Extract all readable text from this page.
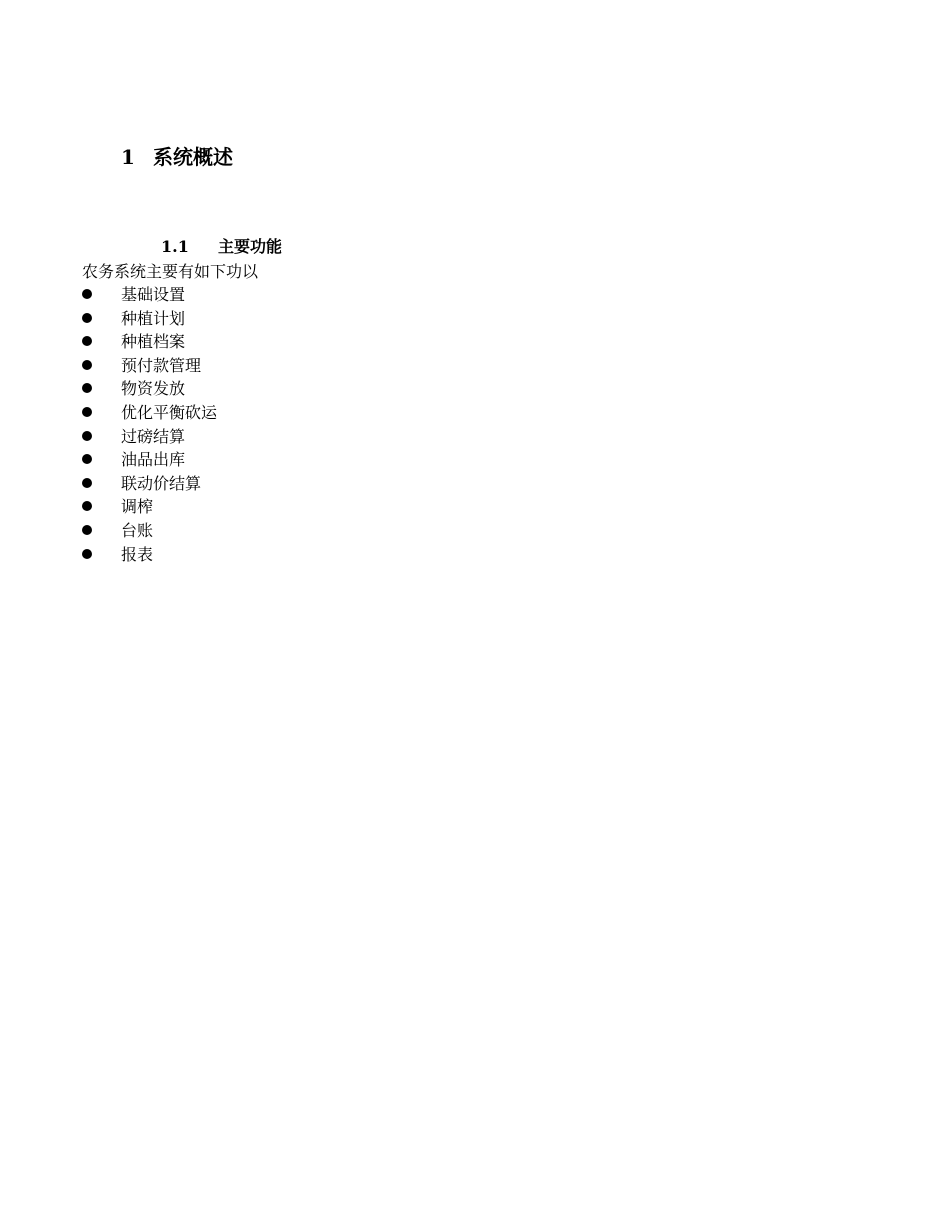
1 系统概述
1.1 主要功能
农务系统主要有如下功以
基础设置
种植计划
种植档案
预付款管理
物资发放
优化平衡砍运
过磅结算
油品出库
联动价结算
调榨
台账
报表
